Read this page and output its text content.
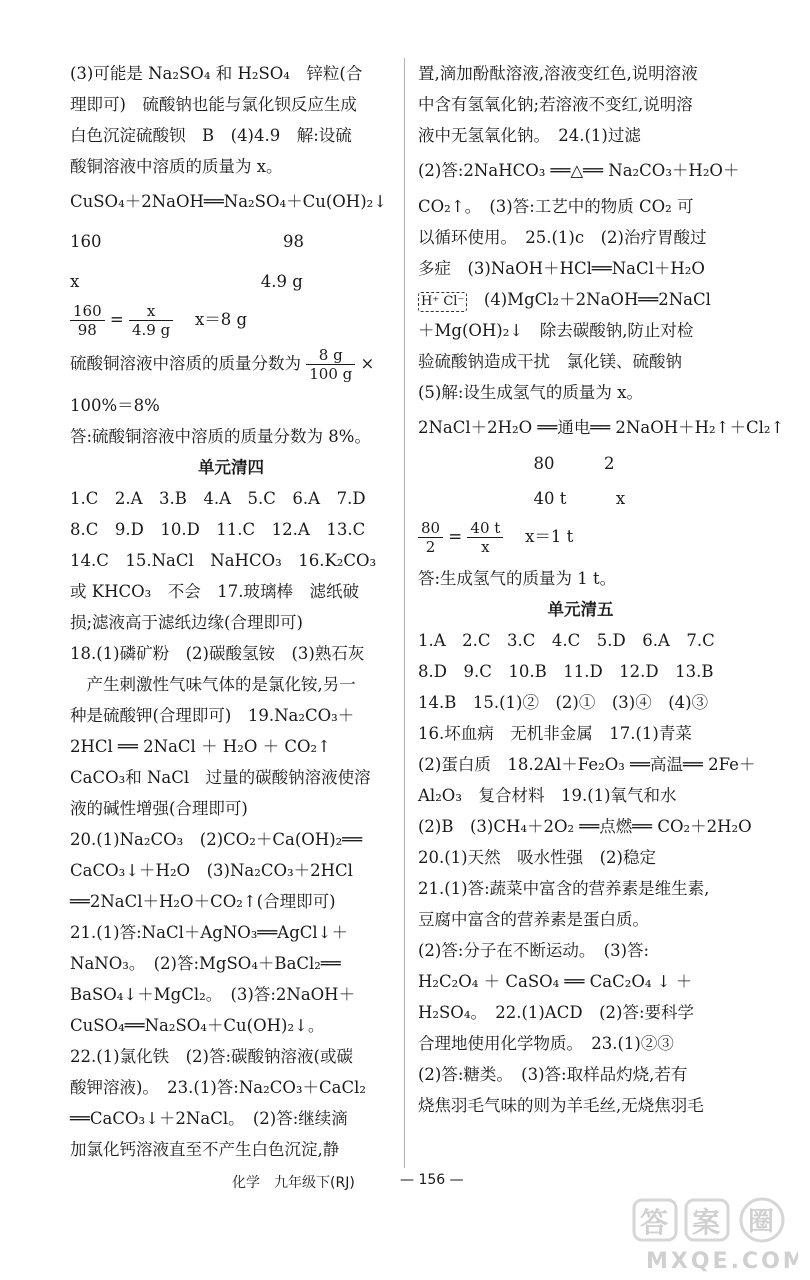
(3)可能是 Na₂SO₄ 和 H₂SO₄　锌粒(合
理即可)　硫酸钠也能与氯化钡反应生成
白色沉淀硫酸钡　B　(4)4.9　解:设硫
酸铜溶液中溶质的质量为 x。
CuSO₄＋2NaOH══Na₂SO₄＋Cu(OH)₂↓
160　　　　　　　　　　　98
x　　　　　　　　　　　4.9 g
$\frac{160}{98} = \frac{x}{4.9 g}$ 　x＝8 g
硫酸铜溶液中溶质的质量分数为 $\frac{8 g}{100 g}$ ×
100%＝8%
答:硫酸铜溶液中溶质的质量分数为 8%。
单元清四
1.C　2.A　3.B　4.A　5.C　6.A　7.D
8.C　9.D　10.D　11.C　12.A　13.C
14.C　15.NaCl　NaHCO₃　16.K₂CO₃
或 KHCO₃　不会　17.玻璃棒　滤纸破
损;滤液高于滤纸边缘(合理即可)
18.(1)磷矿粉　(2)碳酸氢铵　(3)熟石灰
　产生刺激性气味气体的是氯化铵,另一
种是硫酸钾(合理即可)　19.Na₂CO₃＋
2HCl ══ 2NaCl ＋ H₂O ＋ CO₂↑
CaCO₃和 NaCl　过量的碳酸钠溶液使溶
液的碱性增强(合理即可)
20.(1)Na₂CO₃　(2)CO₂＋Ca(OH)₂══
CaCO₃↓＋H₂O　(3)Na₂CO₃＋2HCl
══2NaCl＋H₂O＋CO₂↑(合理即可)
21.(1)答:NaCl＋AgNO₃══AgCl↓＋
NaNO₃。　(2)答:MgSO₄＋BaCl₂══
BaSO₄↓＋MgCl₂。　(3)答:2NaOH＋
CuSO₄══Na₂SO₄＋Cu(OH)₂↓。
22.(1)氯化铁　(2)答:碳酸钠溶液(或碳
酸钾溶液)。　23.(1)答:Na₂CO₃＋CaCl₂
══CaCO₃↓＋2NaCl。　(2)答:继续滴
加氯化钙溶液直至不产生白色沉淀,静
置,滴加酚酞溶液,溶液变红色,说明溶液
中含有氢氧化钠;若溶液不变红,说明溶
液中无氢氧化钠。　24.(1)过滤
(2)答:2NaHCO₃ ══△══ Na₂CO₃＋H₂O＋
CO₂↑。　(3)答:工艺中的物质 CO₂ 可
以循环使用。　25.(1)c　(2)治疗胃酸过
多症　(3)NaOH＋HCl══NaCl＋H₂O
H⁺ Cl⁻　(4)MgCl₂＋2NaOH══2NaCl
＋Mg(OH)₂↓　除去碳酸钠,防止对检
验硫酸钠造成干扰　氯化镁、硫酸钠
(5)解:设生成氢气的质量为 x。
2NaCl＋2H₂O ══通电══ 2NaOH＋H₂↑＋Cl₂↑
　　　　　　　80　　　2
　　　　　　　40 t　　　x
$\frac{80}{2} = \frac{40 t}{x}$ 　x＝1 t
答:生成氢气的质量为 1 t。
单元清五
1.A　2.C　3.C　4.C　5.D　6.A　7.C
8.D　9.C　10.B　11.D　12.D　13.B
14.B　15.(1)②　(2)①　(3)④　(4)③
16.坏血病　无机非金属　17.(1)青菜
(2)蛋白质　18.2Al＋Fe₂O₃ ══高温══ 2Fe＋
Al₂O₃　复合材料　19.(1)氧气和水
(2)B　(3)CH₄＋2O₂ ══点燃══ CO₂＋2H₂O
20.(1)天然　吸水性强　(2)稳定
21.(1)答:蔬菜中富含的营养素是维生素,
豆腐中富含的营养素是蛋白质。
(2)答:分子在不断运动。　(3)答:
H₂C₂O₄ ＋ CaSO₄ ══ CaC₂O₄ ↓ ＋
H₂SO₄。　22.(1)ACD　(2)答:要科学
合理地使用化学物质。　23.(1)②③
(2)答:糖类。　(3)答:取样品灼烧,若有
烧焦羽毛气味的则为羊毛丝,无烧焦羽毛
化学　九年级下(RJ)	— 156 —
答 案 圈
MXQE.COM
